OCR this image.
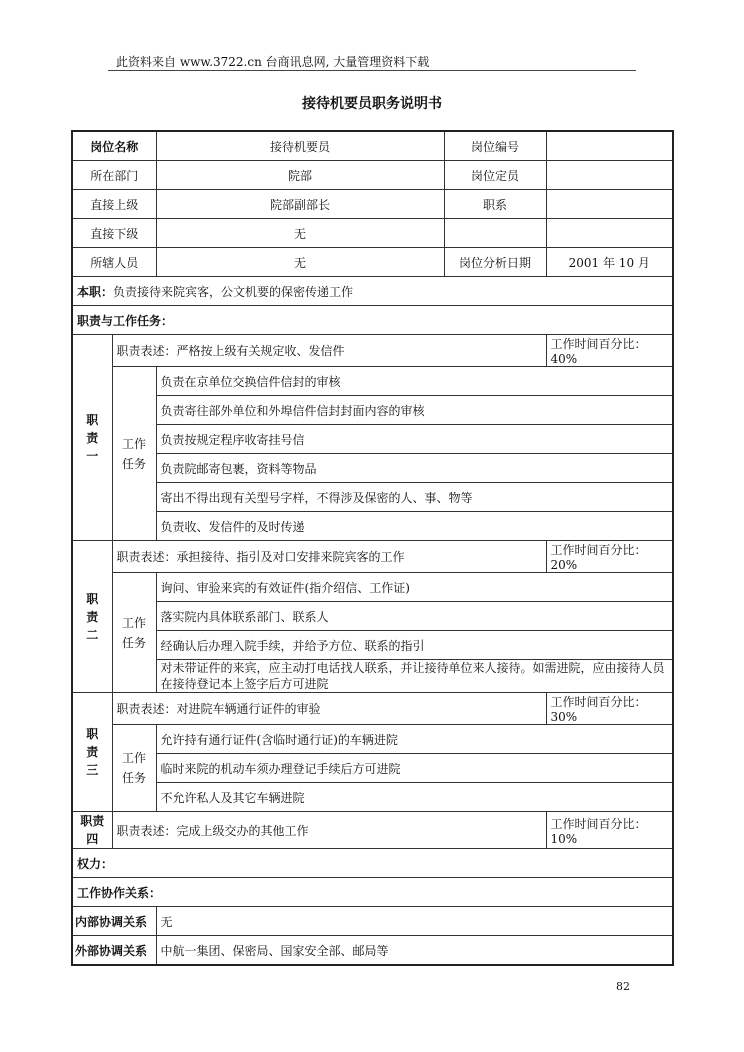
此资料来自 www.3722.cn 台商讯息网, 大量管理资料下载
接待机要员职务说明书
岗位名称		接待机要员	岗位编号	
所在部门		院部	岗位定员	
直接上级		院部副部长	职系	
直接下级		无		
所辖人员		无	岗位分析日期	2001 年 10 月
本职：负责接待来院宾客，公文机要的保密传递工作				
职责与工作任务：				

职
责
一	职责表述：严格按上级有关规定收、发信件			工作时间百分比：40%

	工作
任务	负责在京单位交换信件信封的审核		
		负责寄往部外单位和外埠信件信封封面内容的审核		
		负责按规定程序收寄挂号信		
		负责院邮寄包裹，资料等物品		
		寄出不得出现有关型号字样，不得涉及保密的人、事、物等		
		负责收、发信件的及时传递		

职
责
二	职责表述：承担接待、指引及对口安排来院宾客的工作			工作时间百分比：20%

	工作
任务	询问、审验来宾的有效证件(指介绍信、工作证)		
		落实院内具体联系部门、联系人		
		经确认后办理入院手续，并给予方位、联系的指引		
		对未带证件的来宾，应主动打电话找人联系，并让接待单位来人接待。如需进院，应由接待人员在接待登记本上签字后方可进院		

职
责
三	职责表述：对进院车辆通行证件的审验			工作时间百分比：30%

	工作
任务	允许持有通行证件(含临时通行证)的车辆进院		
		临时来院的机动车须办理登记手续后方可进院		
		不允许私人及其它车辆进院		

职责
四	职责表述：完成上级交办的其他工作			工作时间百分比：10%
权力：				
工作协作关系：				
内部协调关系		无		
外部协调关系		中航一集团、保密局、国家安全部、邮局等		
82
